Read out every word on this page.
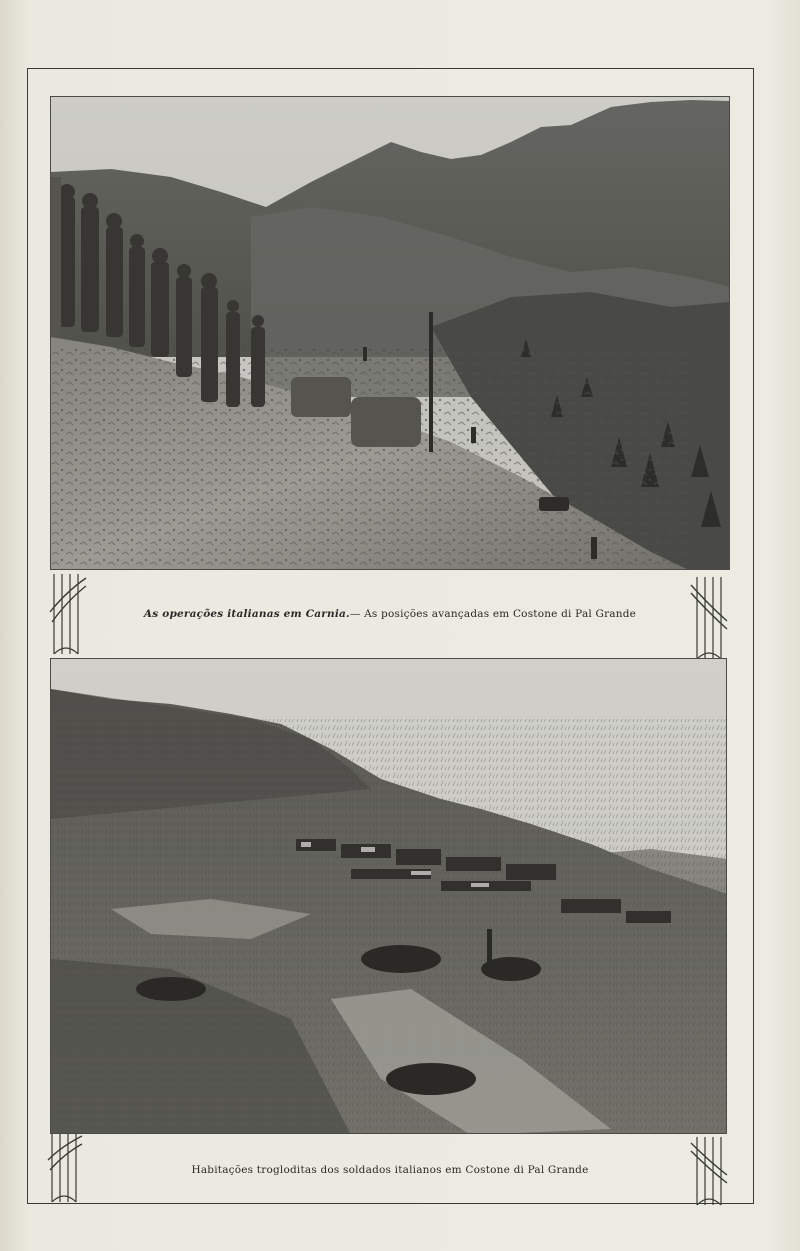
As operações italianas em Carnia.— As posições avançadas em Costone di Pal Grande
Habitações trogloditas dos soldados italianos em Costone di Pal Grande
